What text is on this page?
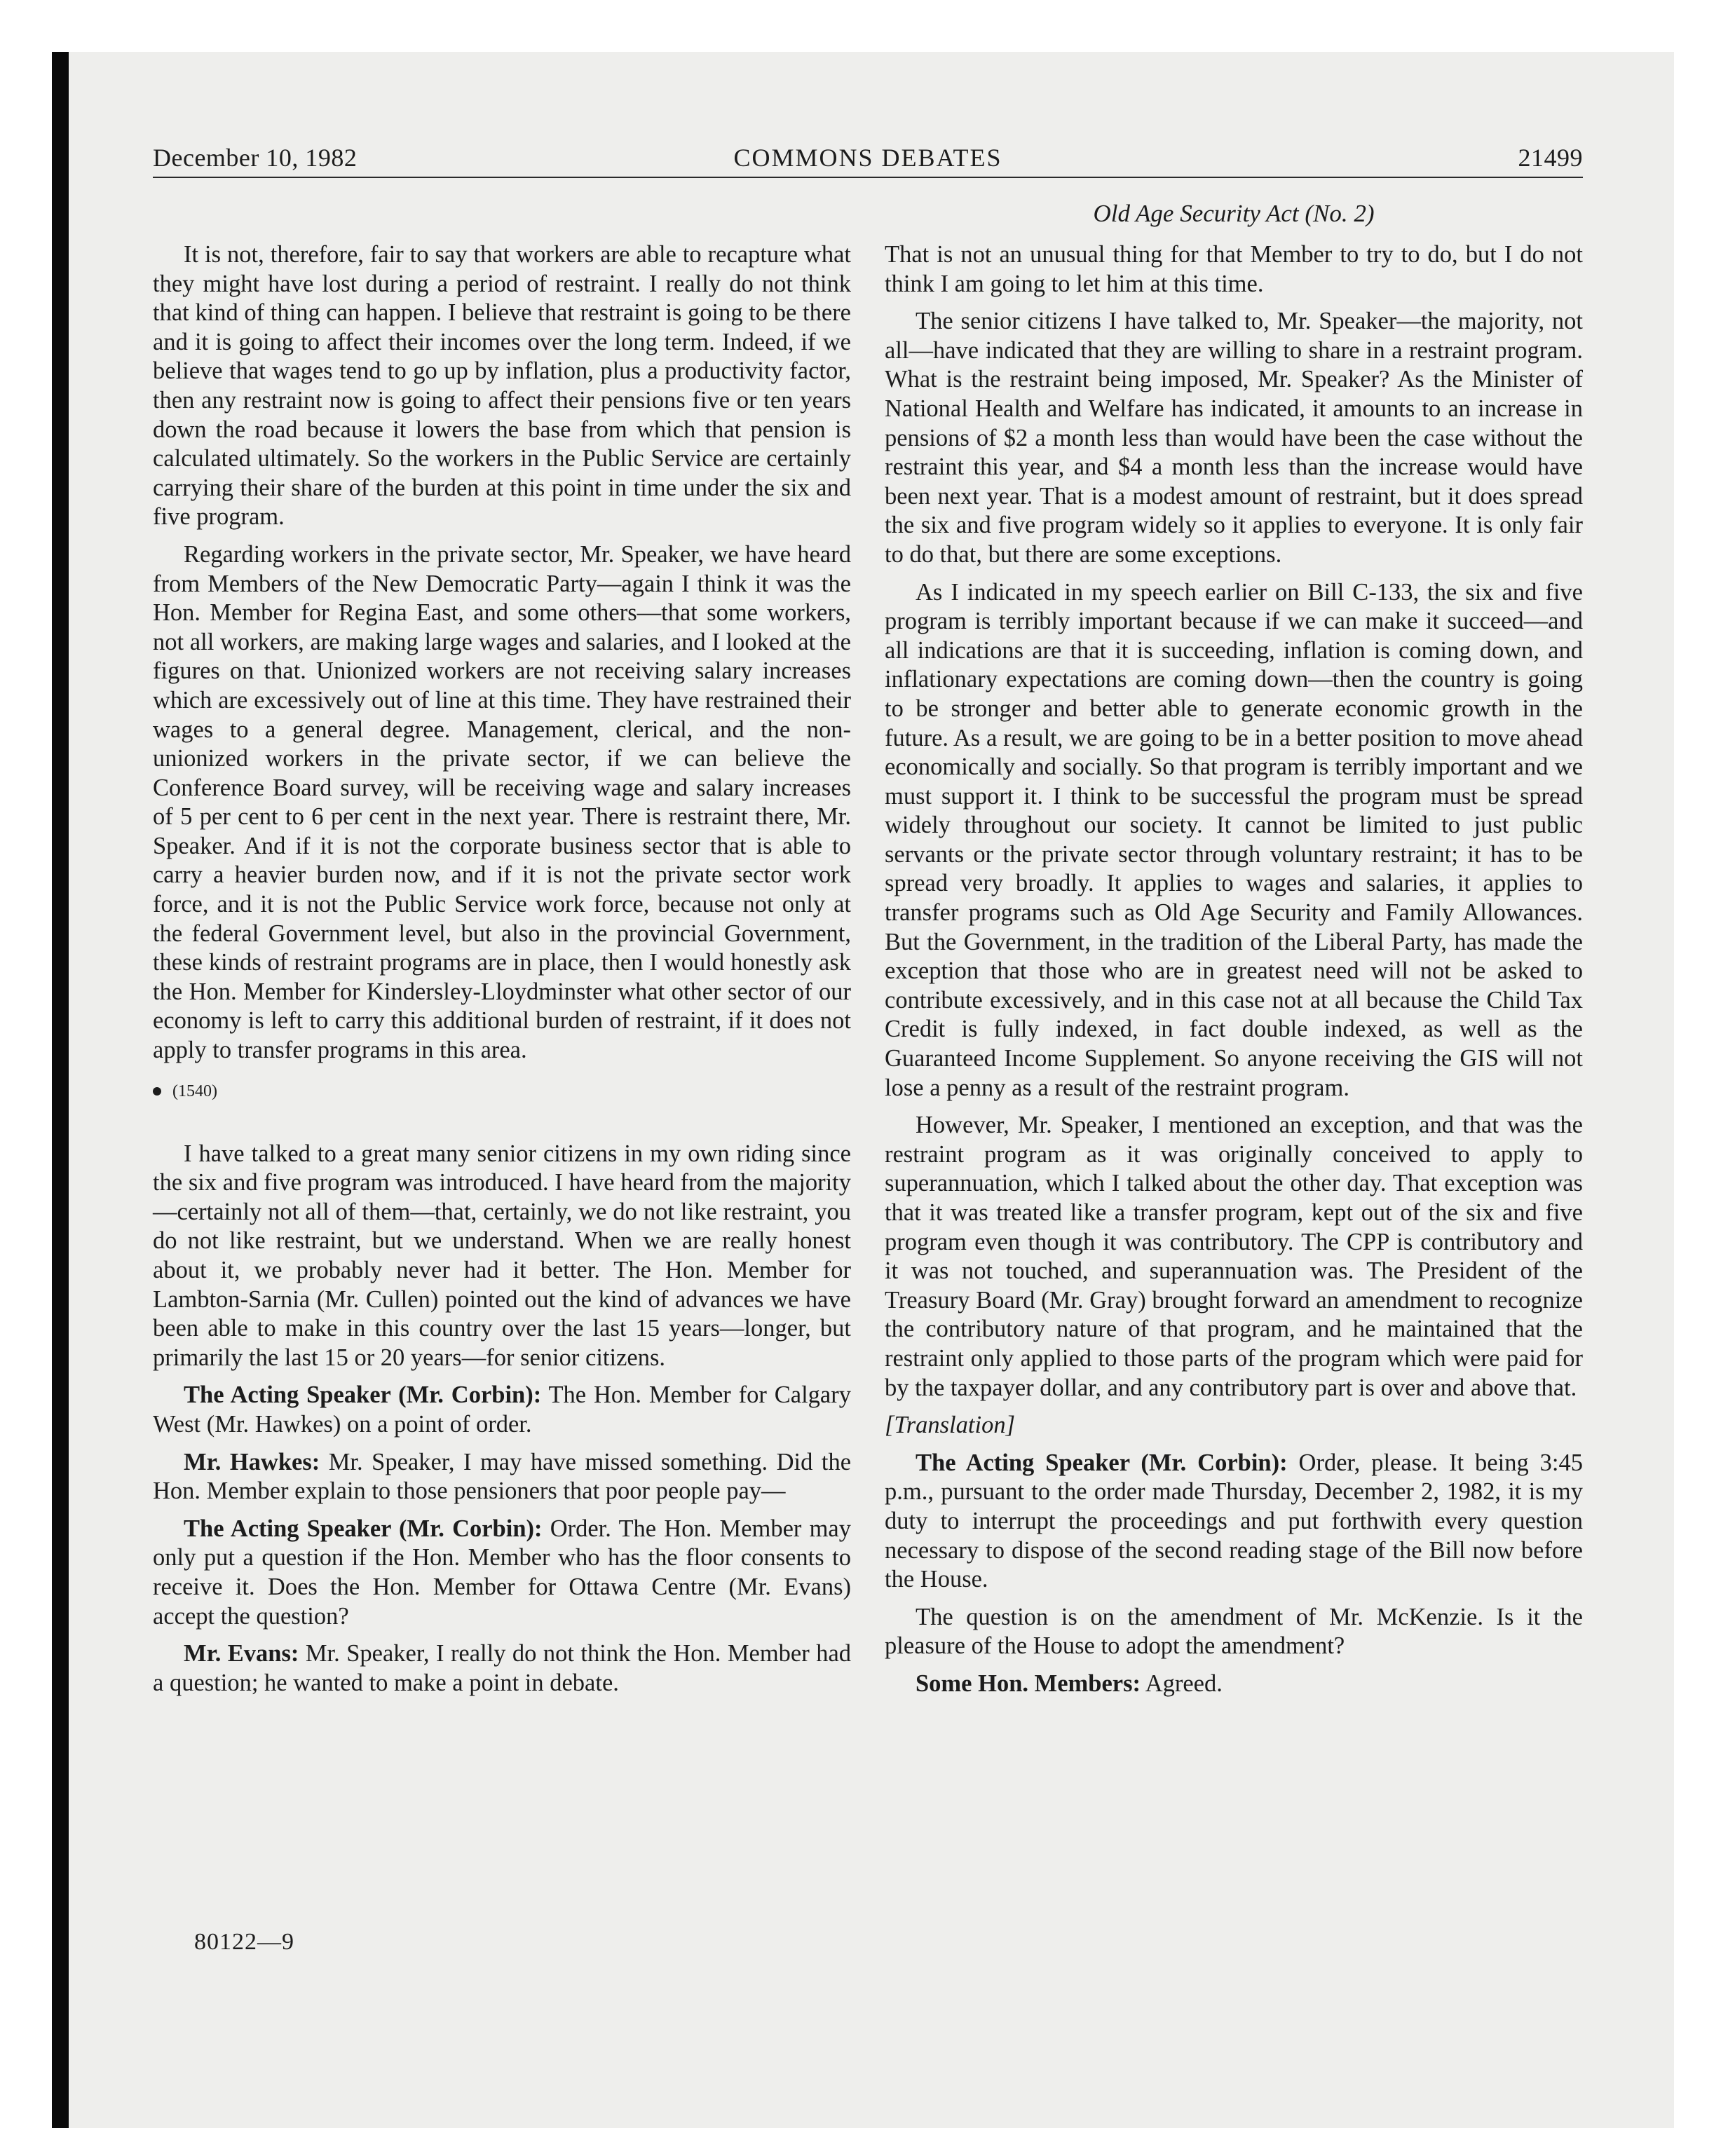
December 10, 1982	COMMONS DEBATES	21499
Old Age Security Act (No. 2)

It is not, therefore, fair to say that workers are able to recapture what they might have lost during a period of restraint. I really do not think that kind of thing can happen. I believe that restraint is going to be there and it is going to affect their incomes over the long term. Indeed, if we believe that wages tend to go up by inflation, plus a productivity factor, then any restraint now is going to affect their pensions five or ten years down the road because it lowers the base from which that pension is calculated ultimately. So the workers in the Public Service are certainly carrying their share of the burden at this point in time under the six and five program.

Regarding workers in the private sector, Mr. Speaker, we have heard from Members of the New Democratic Party—again I think it was the Hon. Member for Regina East, and some others—that some workers, not all workers, are making large wages and salaries, and I looked at the figures on that. Unionized workers are not receiving salary increases which are excessively out of line at this time. They have restrained their wages to a general degree. Management, clerical, and the non-unionized workers in the private sector, if we can believe the Conference Board survey, will be receiving wage and salary increases of 5 per cent to 6 per cent in the next year. There is restraint there, Mr. Speaker. And if it is not the corporate business sector that is able to carry a heavier burden now, and if it is not the private sector work force, and it is not the Public Service work force, because not only at the federal Government level, but also in the provincial Government, these kinds of restraint programs are in place, then I would honestly ask the Hon. Member for Kindersley-Lloydminster what other sector of our economy is left to carry this additional burden of restraint, if it does not apply to transfer programs in this area.

(1540)

I have talked to a great many senior citizens in my own riding since the six and five program was introduced. I have heard from the majority—certainly not all of them—that, certainly, we do not like restraint, you do not like restraint, but we understand. When we are really honest about it, we probably never had it better. The Hon. Member for Lambton-Sarnia (Mr. Cullen) pointed out the kind of advances we have been able to make in this country over the last 15 years—longer, but primarily the last 15 or 20 years—for senior citizens.

The Acting Speaker (Mr. Corbin): The Hon. Member for Calgary West (Mr. Hawkes) on a point of order.

Mr. Hawkes: Mr. Speaker, I may have missed something. Did the Hon. Member explain to those pensioners that poor people pay—

The Acting Speaker (Mr. Corbin): Order. The Hon. Member may only put a question if the Hon. Member who has the floor consents to receive it. Does the Hon. Member for Ottawa Centre (Mr. Evans) accept the question?

Mr. Evans: Mr. Speaker, I really do not think the Hon. Member had a question; he wanted to make a point in debate.

That is not an unusual thing for that Member to try to do, but I do not think I am going to let him at this time.

The senior citizens I have talked to, Mr. Speaker—the majority, not all—have indicated that they are willing to share in a restraint program. What is the restraint being imposed, Mr. Speaker? As the Minister of National Health and Welfare has indicated, it amounts to an increase in pensions of $2 a month less than would have been the case without the restraint this year, and $4 a month less than the increase would have been next year. That is a modest amount of restraint, but it does spread the six and five program widely so it applies to everyone. It is only fair to do that, but there are some exceptions.

As I indicated in my speech earlier on Bill C-133, the six and five program is terribly important because if we can make it succeed—and all indications are that it is succeeding, inflation is coming down, and inflationary expectations are coming down—then the country is going to be stronger and better able to generate economic growth in the future. As a result, we are going to be in a better position to move ahead economically and socially. So that program is terribly important and we must support it. I think to be successful the program must be spread widely throughout our society. It cannot be limited to just public servants or the private sector through voluntary restraint; it has to be spread very broadly. It applies to wages and salaries, it applies to transfer programs such as Old Age Security and Family Allowances. But the Government, in the tradition of the Liberal Party, has made the exception that those who are in greatest need will not be asked to contribute excessively, and in this case not at all because the Child Tax Credit is fully indexed, in fact double indexed, as well as the Guaranteed Income Supplement. So anyone receiving the GIS will not lose a penny as a result of the restraint program.

However, Mr. Speaker, I mentioned an exception, and that was the restraint program as it was originally conceived to apply to superannuation, which I talked about the other day. That exception was that it was treated like a transfer program, kept out of the six and five program even though it was contributory. The CPP is contributory and it was not touched, and superannuation was. The President of the Treasury Board (Mr. Gray) brought forward an amendment to recognize the contributory nature of that program, and he maintained that the restraint only applied to those parts of the program which were paid for by the taxpayer dollar, and any contributory part is over and above that.

[Translation]

The Acting Speaker (Mr. Corbin): Order, please. It being 3:45 p.m., pursuant to the order made Thursday, December 2, 1982, it is my duty to interrupt the proceedings and put forthwith every question necessary to dispose of the second reading stage of the Bill now before the House.

The question is on the amendment of Mr. McKenzie. Is it the pleasure of the House to adopt the amendment?

Some Hon. Members: Agreed.

80122—9
